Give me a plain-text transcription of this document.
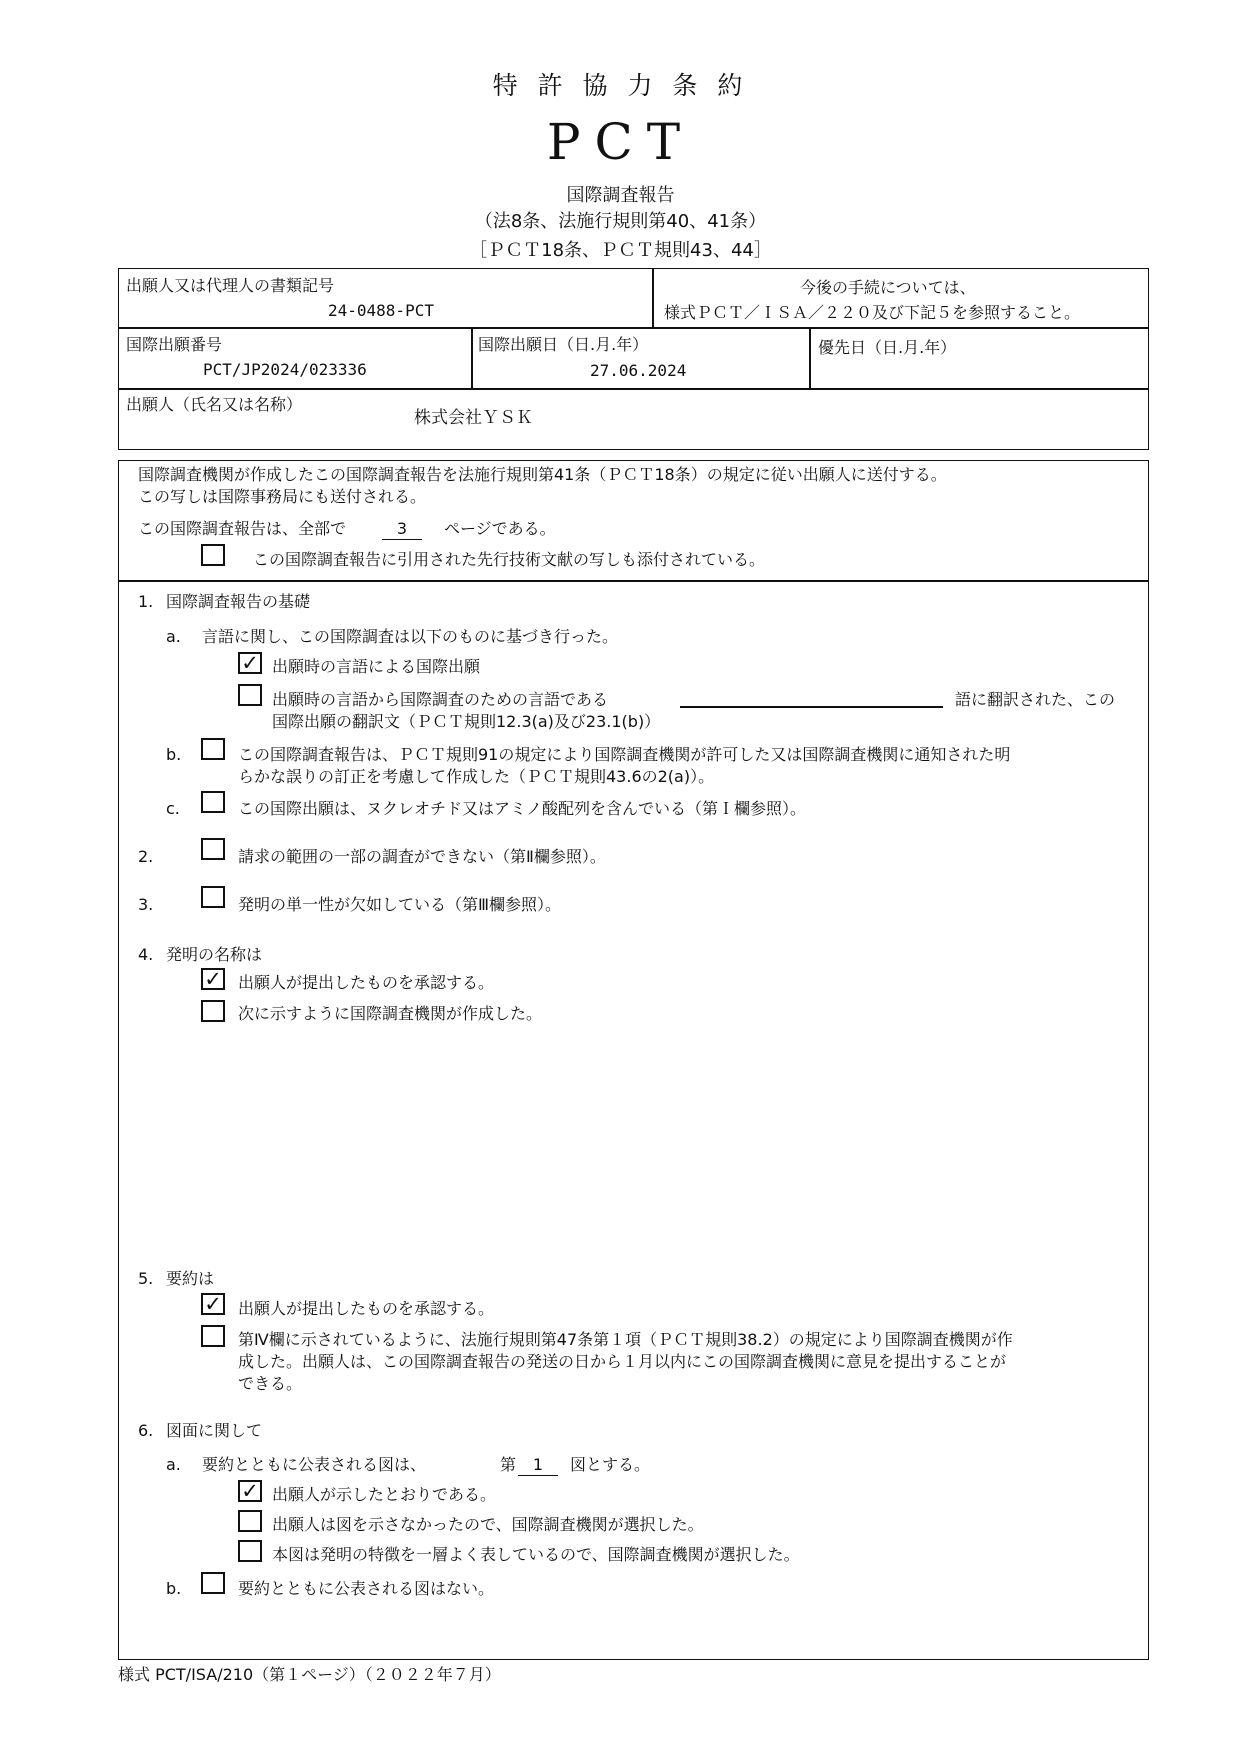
特 許 協 力 条 約
PCT
国際調査報告
（法8条、法施行規則第40、41条）
［ＰＣＴ18条、ＰＣＴ規則43、44］
出願人又は代理人の書類記号
24-0488-PCT
今後の手続については、
様式ＰＣＴ／ＩＳＡ／２２０及び下記５を参照すること。
国際出願番号
PCT/JP2024/023336
国際出願日（日.月.年）
27.06.2024
優先日（日.月.年）
出願人（氏名又は名称）
株式会社ＹＳＫ
国際調査機関が作成したこの国際調査報告を法施行規則第41条（ＰＣＴ18条）の規定に従い出願人に送付する。
この写しは国際事務局にも送付される。
この国際調査報告は、全部で	3	ページである。
この国際調査報告に引用された先行技術文献の写しも添付されている。
1. 国際調査報告の基礎
a. 言語に関し、この国際調査は以下のものに基づき行った。
✓ 出願時の言語による国際出願
出願時の言語から国際調査のための言語である	語に翻訳された、この
国際出願の翻訳文（ＰＣＴ規則12.3(a)及び23.1(b)）
b.	この国際調査報告は、ＰＣＴ規則91の規定により国際調査機関が許可した又は国際調査機関に通知された明
らかな誤りの訂正を考慮して作成した（ＰＣＴ規則43.6の2(a)）。
c.	この国際出願は、ヌクレオチド又はアミノ酸配列を含んでいる（第Ｉ欄参照）。
2.	請求の範囲の一部の調査ができない（第Ⅱ欄参照）。
3.	発明の単一性が欠如している（第Ⅲ欄参照）。
4. 発明の名称は
✓ 出願人が提出したものを承認する。
次に示すように国際調査機関が作成した。
5. 要約は
✓ 出願人が提出したものを承認する。
第Ⅳ欄に示されているように、法施行規則第47条第１項（ＰＣＴ規則38.2）の規定により国際調査機関が作
成した。出願人は、この国際調査報告の発送の日から１月以内にこの国際調査機関に意見を提出することが
できる。
6. 図面に関して
a. 要約とともに公表される図は、	第	1	図とする。
✓ 出願人が示したとおりである。
出願人は図を示さなかったので、国際調査機関が選択した。
本図は発明の特徴を一層よく表しているので、国際調査機関が選択した。
b.	要約とともに公表される図はない。
様式 PCT/ISA/210（第１ページ）（２０２２年７月）
